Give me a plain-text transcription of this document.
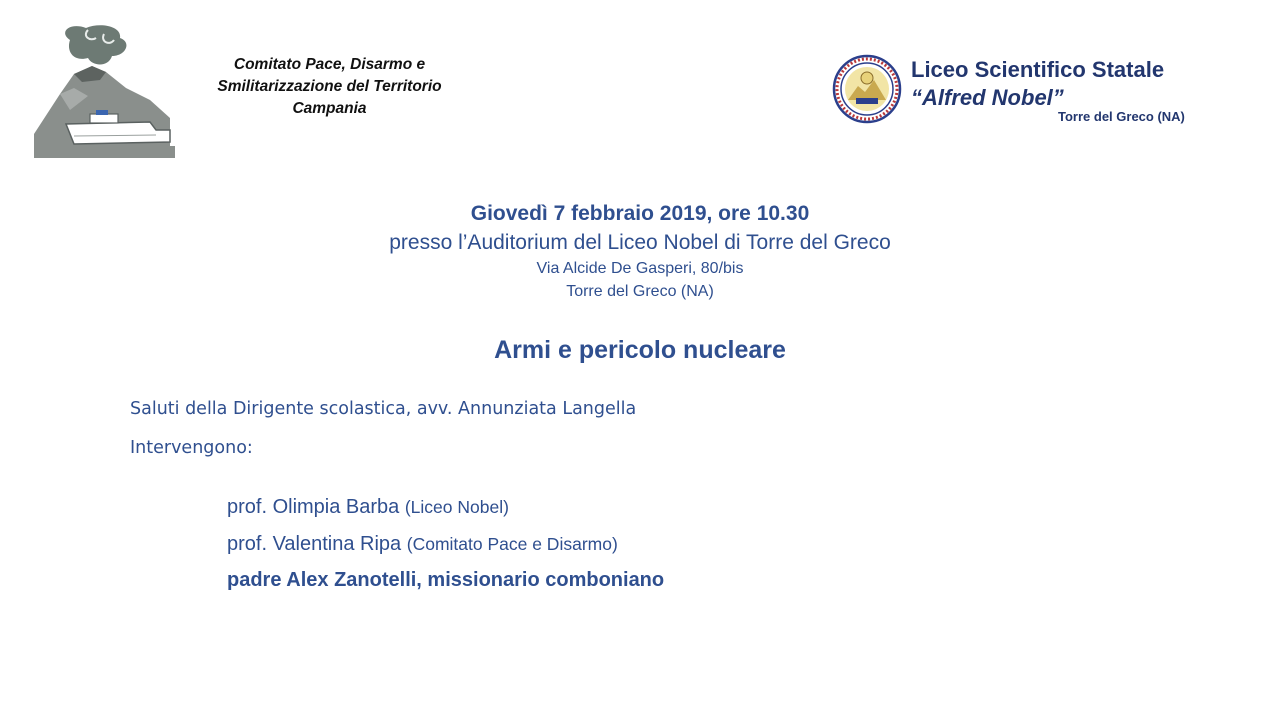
Comitato Pace, Disarmo e
Smilitarizzazione del Territorio
Campania
Liceo Scientifico Statale
“Alfred Nobel”
Torre del Greco (NA)
Giovedì 7 febbraio 2019, ore 10.30
presso l’Auditorium del Liceo Nobel di Torre del Greco
Via Alcide De Gasperi, 80/bis
Torre del Greco (NA)
Armi e pericolo nucleare
Saluti della Dirigente scolastica, avv. Annunziata Langella
Intervengono:
prof. Olimpia Barba (Liceo Nobel)
prof. Valentina Ripa (Comitato Pace e Disarmo)
padre Alex Zanotelli, missionario comboniano
